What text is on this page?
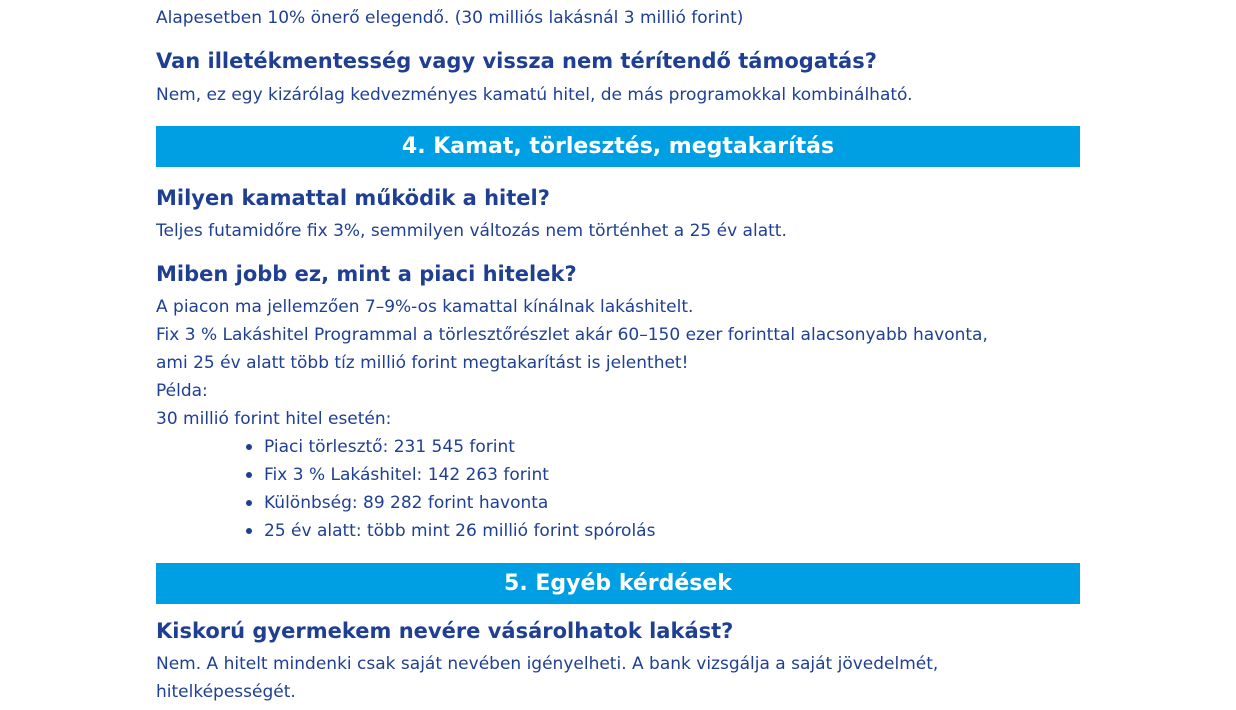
Alapesetben 10% önerő elegendő. (30 milliós lakásnál 3 millió forint)

Van illetékmentesség vagy vissza nem térítendő támogatás?

Nem, ez egy kizárólag kedvezményes kamatú hitel, de más programokkal kombinálható.

4. Kamat, törlesztés, megtakarítás
Milyen kamattal működik a hitel?

Teljes futamidőre fix 3%, semmilyen változás nem történhet a 25 év alatt.

Miben jobb ez, mint a piaci hitelek?

A piacon ma jellemzően 7–9%-os kamattal kínálnak lakáshitelt.

Fix 3 % Lakáshitel Programmal a törlesztőrészlet akár 60–150 ezer forinttal alacsonyabb havonta,

ami 25 év alatt több tíz millió forint megtakarítást is jelenthet!

Példa:

30 millió forint hitel esetén:

Piaci törlesztő: 231 545 forint
Fix 3 % Lakáshitel: 142 263 forint
Különbség: 89 282 forint havonta
25 év alatt: több mint 26 millió forint spórolás
5. Egyéb kérdések
Kiskorú gyermekem nevére vásárolhatok lakást?

Nem. A hitelt mindenki csak saját nevében igényelheti. A bank vizsgálja a saját jövedelmét,

hitelképességét.
